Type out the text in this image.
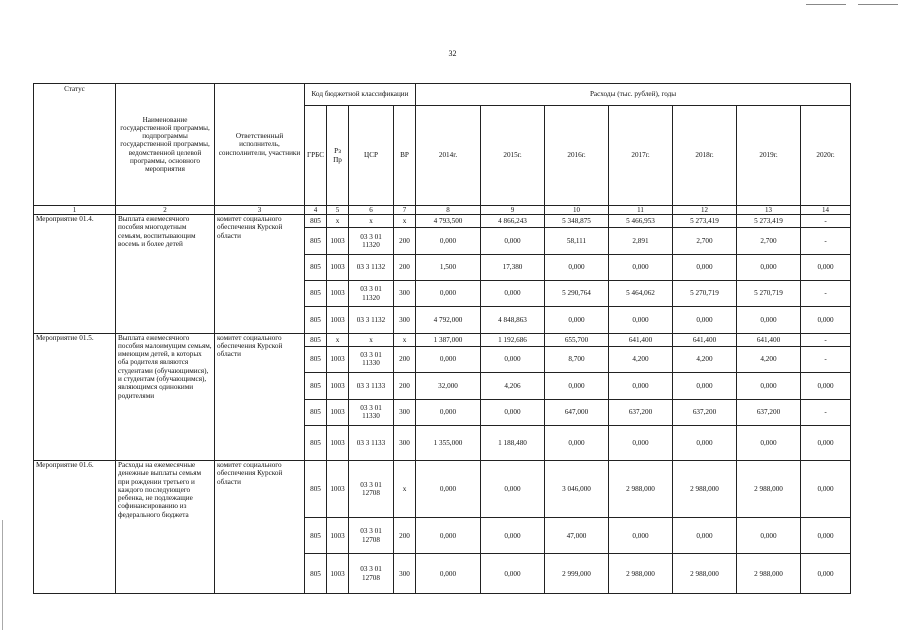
32
Статус	Наименование государственной программы, подпрограммы государственной программы, ведомственной целевой программы, основного мероприятия	Ответственный исполнитель, соисполнители, участники	Код бюджетной классификации				Расходы (тыс. рублей), годы						
			ГРБС	Рз Пр	ЦСР	ВР	2014г.	2015г.	2016г.	2017г.	2018г.	2019г.	2020г.
1	2	3	4	5	6	7	8	9	10	11	12	13	14
Мероприятие 01.4.	Выплата ежемесячного пособия многодетным семьям, воспитывающим восемь и более детей	комитет социального обеспечения Курской области	805	х	х	х	4 793,500	4 866,243	5 348,875	5 466,953	5 273,419	5 273,419	-
			805	1003	03 3 01 11320	200	0,000	0,000	58,111	2,891	2,700	2,700	-
			805	1003	03 3 1132	200	1,500	17,380	0,000	0,000	0,000	0,000	0,000
			805	1003	03 3 01 11320	300	0,000	0,000	5 290,764	5 464,062	5 270,719	5 270,719	-
			805	1003	03 3 1132	300	4 792,000	4 848,863	0,000	0,000	0,000	0,000	0,000
Мероприятие 01.5.	Выплата ежемесячного пособия малоимущим семьям, имеющим детей, в которых оба родителя являются студентами (обучающимися), и студентам (обучающимся), являющимся одинокими родителями	комитет социального обеспечения Курской области	805	х	х	х	1 387,000	1 192,686	655,700	641,400	641,400	641,400	-
			805	1003	03 3 01 11330	200	0,000	0,000	8,700	4,200	4,200	4,200	-
			805	1003	03 3 1133	200	32,000	4,206	0,000	0,000	0,000	0,000	0,000
			805	1003	03 3 01 11330	300	0,000	0,000	647,000	637,200	637,200	637,200	-
			805	1003	03 3 1133	300	1 355,000	1 188,480	0,000	0,000	0,000	0,000	0,000
Мероприятие 01.6.	Расходы на ежемесячные денежные выплаты семьям при рождении третьего и каждого последующего ребенка, не подлежащие софинансированию из федерального бюджета	комитет социального обеспечения Курской области	805	1003	03 3 01 12708	х	0,000	0,000	3 046,000	2 988,000	2 988,000	2 988,000	0,000
			805	1003	03 3 01 12708	200	0,000	0,000	47,000	0,000	0,000	0,000	0,000
			805	1003	03 3 01 12708	300	0,000	0,000	2 999,000	2 988,000	2 988,000	2 988,000	0,000
